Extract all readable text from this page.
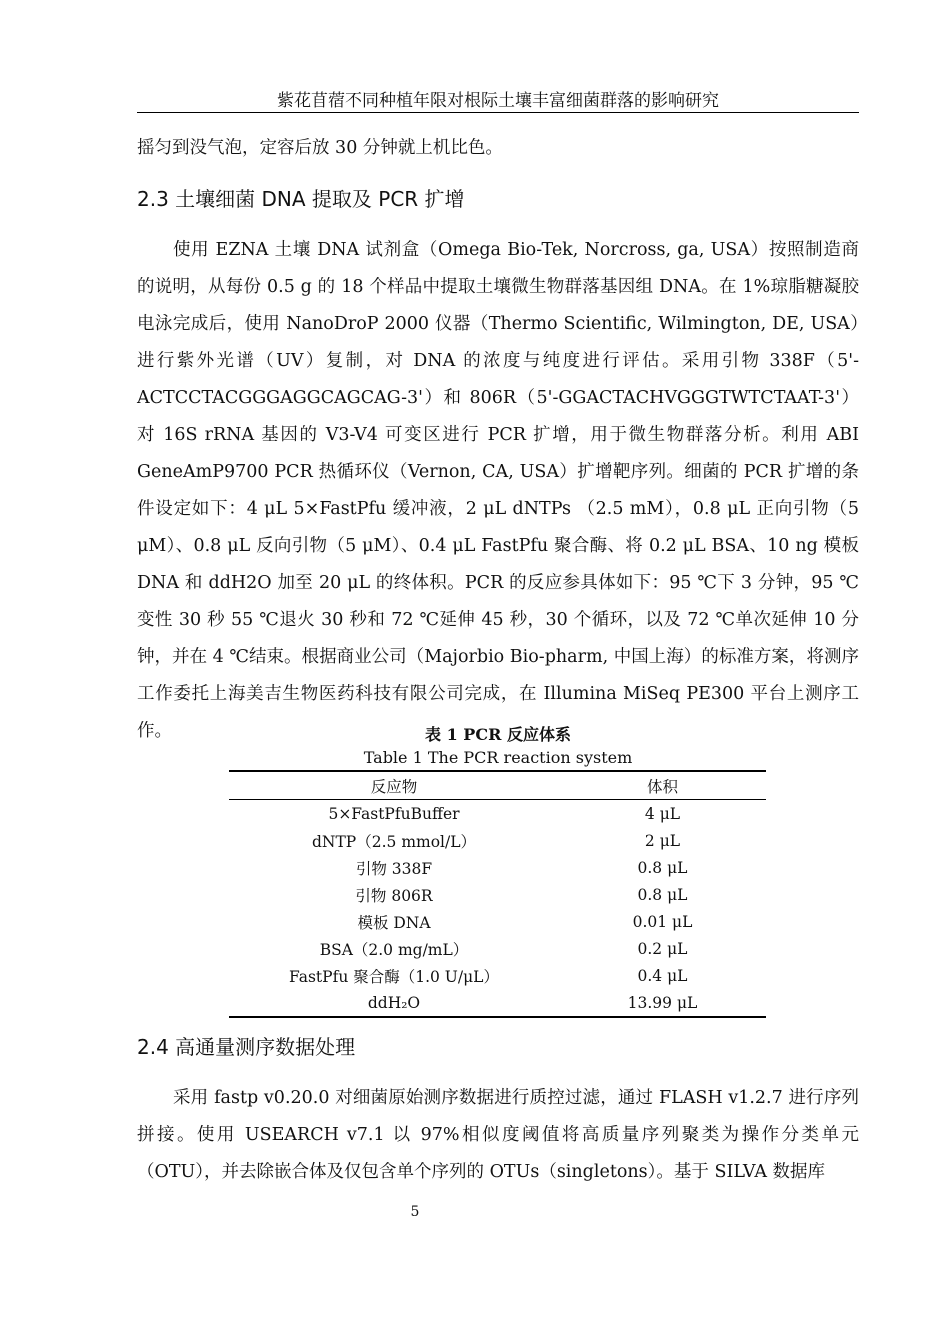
紫花苜蓿不同种植年限对根际土壤丰富细菌群落的影响研究

摇匀到没气泡，定容后放 30 分钟就上机比色。

2.3 土壤细菌 DNA 提取及 PCR 扩增

使用 EZNA 土壤 DNA 试剂盒（Omega Bio-Tek, Norcross, ga, USA）按照制造商的说明，从每份 0.5 g 的 18 个样品中提取土壤微生物群落基因组 DNA。在 1%琼脂糖凝胶电泳完成后，使用 NanoDroP 2000 仪器（Thermo Scientific, Wilmington, DE, USA）进行紫外光谱（UV）复制，对 DNA 的浓度与纯度进行评估。采用引物 338F（5'-ACTCCTACGGGAGGCAGCAG-3'）和 806R（5'-GGACTACHVGGGTWTCTAAT-3'）对 16S rRNA 基因的 V3-V4 可变区进行 PCR 扩增，用于微生物群落分析。利用 ABI GeneAmP9700 PCR 热循环仪（Vernon, CA, USA）扩增靶序列。细菌的 PCR 扩增的条件设定如下：4 μL 5×FastPfu 缓冲液，2 μL dNTPs （2.5 mM），0.8 μL 正向引物（5 μM）、0.8 μL 反向引物（5 μM）、0.4 μL FastPfu 聚合酶、将 0.2 μL BSA、10 ng 模板 DNA 和 ddH2O 加至 20 μL 的终体积。PCR 的反应参具体如下：95 ℃下 3 分钟，95 ℃变性 30 秒 55 ℃退火 30 秒和 72 ℃延伸 45 秒，30 个循环，以及 72 ℃单次延伸 10 分钟，并在 4 ℃结束。根据商业公司（Majorbio Bio-pharm, 中国上海）的标准方案，将测序工作委托上海美吉生物医药科技有限公司完成，在 Illumina MiSeq PE300 平台上测序工作。	表 1 PCR 反应体系

Table 1 The PCR reaction system

反应物	体积
5×FastPfuBuffer	4 μL
dNTP（2.5 mmol/L）	2 μL
引物 338F	0.8 μL
引物 806R	0.8 μL
模板 DNA	0.01 μL
BSA（2.0 mg/mL）	0.2 μL
FastPfu 聚合酶（1.0 U/μL）	0.4 μL
ddH₂O	13.99 μL
2.4 高通量测序数据处理

采用 fastp v0.20.0 对细菌原始测序数据进行质控过滤，通过 FLASH v1.2.7 进行序列拼接。使用 USEARCH v7.1 以 97%相似度阈值将高质量序列聚类为操作分类单元（OTU），并去除嵌合体及仅包含单个序列的 OTUs（singletons）。基于 SILVA 数据库

5
